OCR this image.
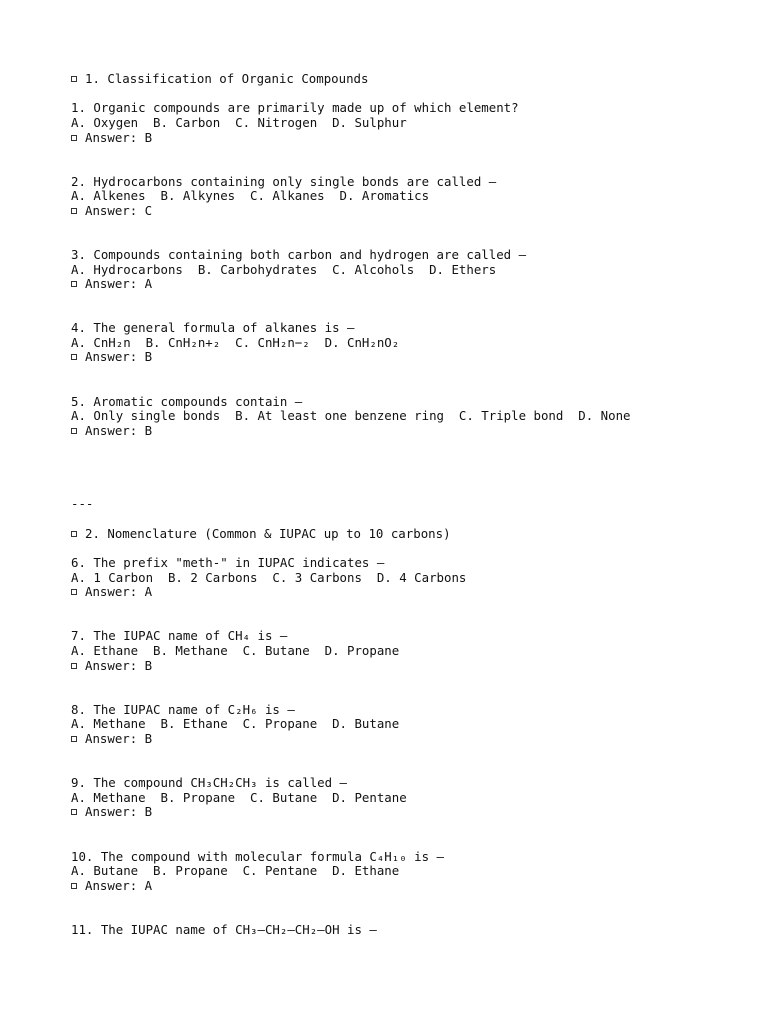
1. Classification of Organic Compounds
1. Organic compounds are primarily made up of which element?
A. Oxygen  B. Carbon  C. Nitrogen  D. Sulphur
Answer: B
2. Hydrocarbons containing only single bonds are called —
A. Alkenes  B. Alkynes  C. Alkanes  D. Aromatics
Answer: C
3. Compounds containing both carbon and hydrogen are called —
A. Hydrocarbons  B. Carbohydrates  C. Alcohols  D. Ethers
Answer: A
4. The general formula of alkanes is —
A. CnH₂n  B. CnH₂n+₂  C. CnH₂n−₂  D. CnH₂nO₂
Answer: B
5. Aromatic compounds contain —
A. Only single bonds  B. At least one benzene ring  C. Triple bond  D. None
Answer: B
---
2. Nomenclature (Common & IUPAC up to 10 carbons)
6. The prefix "meth-" in IUPAC indicates —
A. 1 Carbon  B. 2 Carbons  C. 3 Carbons  D. 4 Carbons
Answer: A
7. The IUPAC name of CH₄ is —
A. Ethane  B. Methane  C. Butane  D. Propane
Answer: B
8. The IUPAC name of C₂H₆ is —
A. Methane  B. Ethane  C. Propane  D. Butane
Answer: B
9. The compound CH₃CH₂CH₃ is called —
A. Methane  B. Propane  C. Butane  D. Pentane
Answer: B
10. The compound with molecular formula C₄H₁₀ is —
A. Butane  B. Propane  C. Pentane  D. Ethane
Answer: A
11. The IUPAC name of CH₃–CH₂–CH₂–OH is —
